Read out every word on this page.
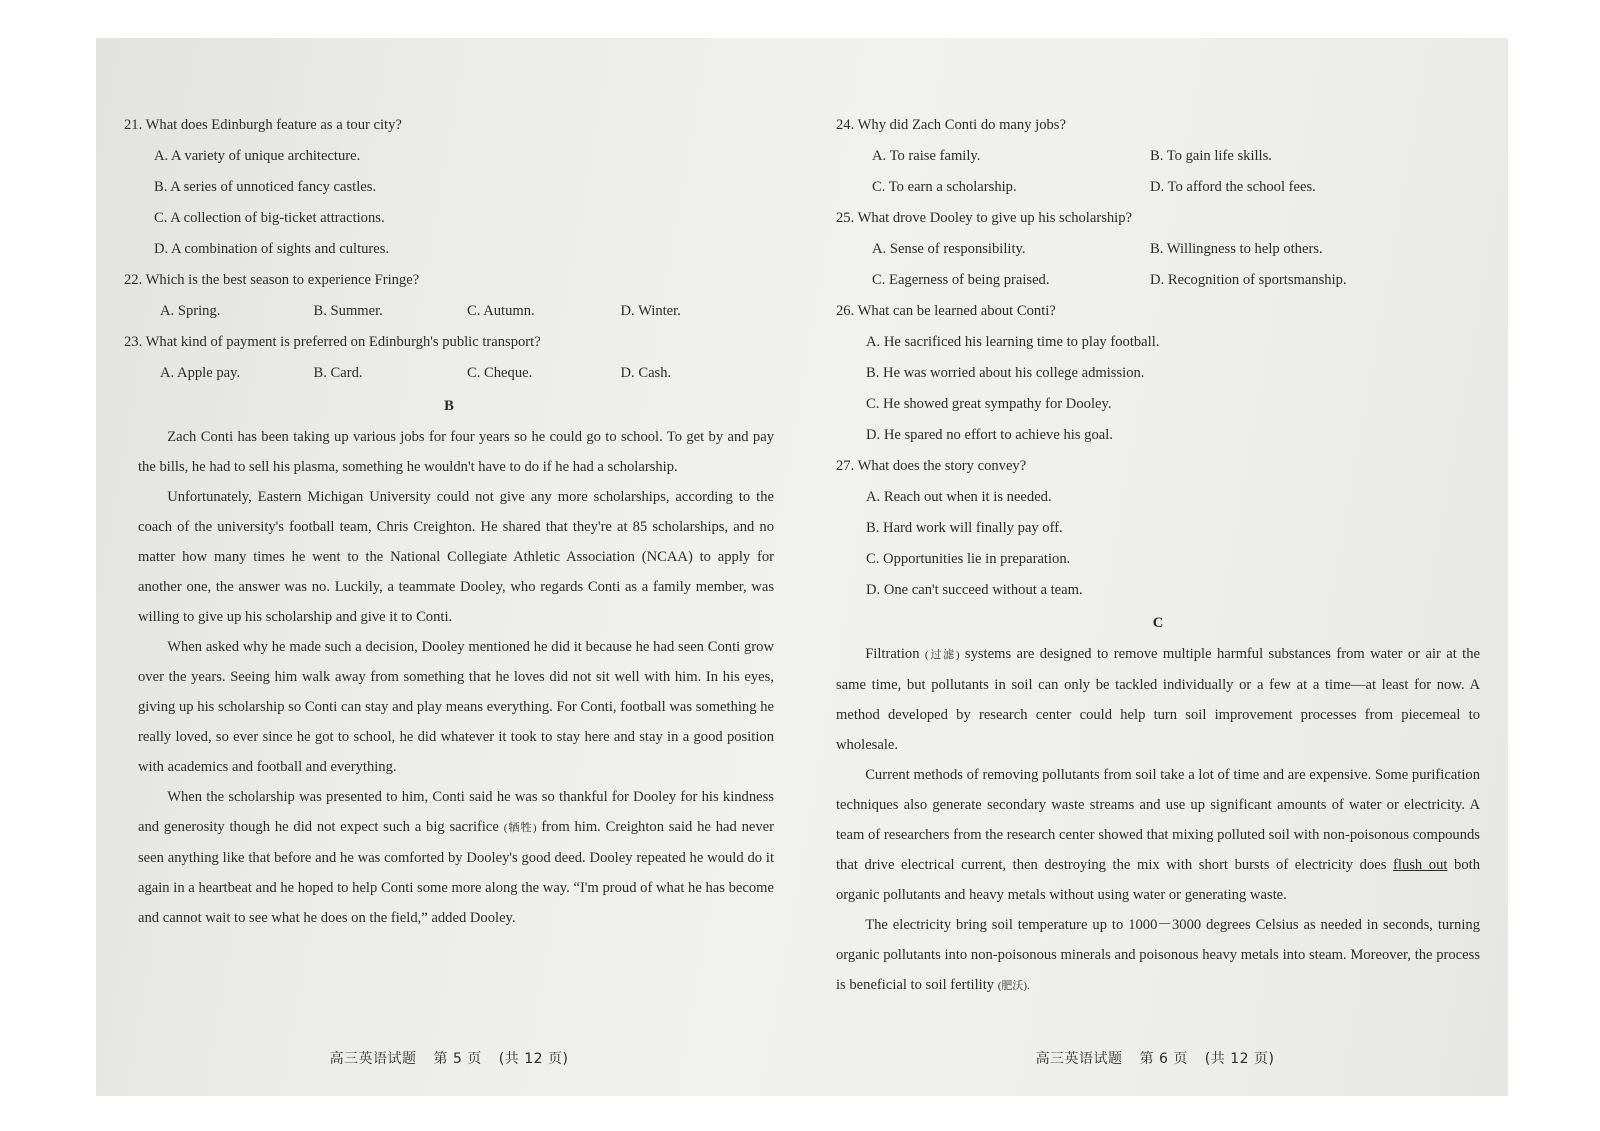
21. What does Edinburgh feature as a tour city?

A. A variety of unique architecture.

B. A series of unnoticed fancy castles.

C. A collection of big-ticket attractions.

D. A combination of sights and cultures.

22. Which is the best season to experience Fringe?

A. Spring.	B. Summer.	C. Autumn.	D. Winter.

23. What kind of payment is preferred on Edinburgh's public transport?

A. Apple pay.	B. Card.	C. Cheque.	D. Cash.

B

Zach Conti has been taking up various jobs for four years so he could go to school. To get by and pay the bills, he had to sell his plasma, something he wouldn't have to do if he had a scholarship.

Unfortunately, Eastern Michigan University could not give any more scholarships, according to the coach of the university's football team, Chris Creighton. He shared that they're at 85 scholarships, and no matter how many times he went to the National Collegiate Athletic Association (NCAA) to apply for another one, the answer was no. Luckily, a teammate Dooley, who regards Conti as a family member, was willing to give up his scholarship and give it to Conti.

When asked why he made such a decision, Dooley mentioned he did it because he had seen Conti grow over the years. Seeing him walk away from something that he loves did not sit well with him. In his eyes, giving up his scholarship so Conti can stay and play means everything. For Conti, football was something he really loved, so ever since he got to school, he did whatever it took to stay here and stay in a good position with academics and football and everything.

When the scholarship was presented to him, Conti said he was so thankful for Dooley for his kindness and generosity though he did not expect such a big sacrifice (牺牲) from him. Creighton said he had never seen anything like that before and he was comforted by Dooley's good deed. Dooley repeated he would do it again in a heartbeat and he hoped to help Conti some more along the way. “I'm proud of what he has become and cannot wait to see what he does on the field,” added Dooley.

高三英语试题 第 5 页 (共 12 页)

24. Why did Zach Conti do many jobs?

A. To raise family.	B. To gain life skills.
C. To earn a scholarship.	D. To afford the school fees.

25. What drove Dooley to give up his scholarship?

A. Sense of responsibility.	B. Willingness to help others.
C. Eagerness of being praised.	D. Recognition of sportsmanship.

26. What can be learned about Conti?

A. He sacrificed his learning time to play football.

B. He was worried about his college admission.

C. He showed great sympathy for Dooley.

D. He spared no effort to achieve his goal.

27. What does the story convey?

A. Reach out when it is needed.

B. Hard work will finally pay off.

C. Opportunities lie in preparation.

D. One can't succeed without a team.

C

Filtration (过滤) systems are designed to remove multiple harmful substances from water or air at the same time, but pollutants in soil can only be tackled individually or a few at a time—at least for now. A method developed by research center could help turn soil improvement processes from piecemeal to wholesale.

Current methods of removing pollutants from soil take a lot of time and are expensive. Some purification techniques also generate secondary waste streams and use up significant amounts of water or electricity. A team of researchers from the research center showed that mixing polluted soil with non-poisonous compounds that drive electrical current, then destroying the mix with short bursts of electricity does flush out both organic pollutants and heavy metals without using water or generating waste.

The electricity bring soil temperature up to 1000－3000 degrees Celsius as needed in seconds, turning organic pollutants into non-poisonous minerals and poisonous heavy metals into steam. Moreover, the process is beneficial to soil fertility (肥沃).

高三英语试题 第 6 页 (共 12 页)
